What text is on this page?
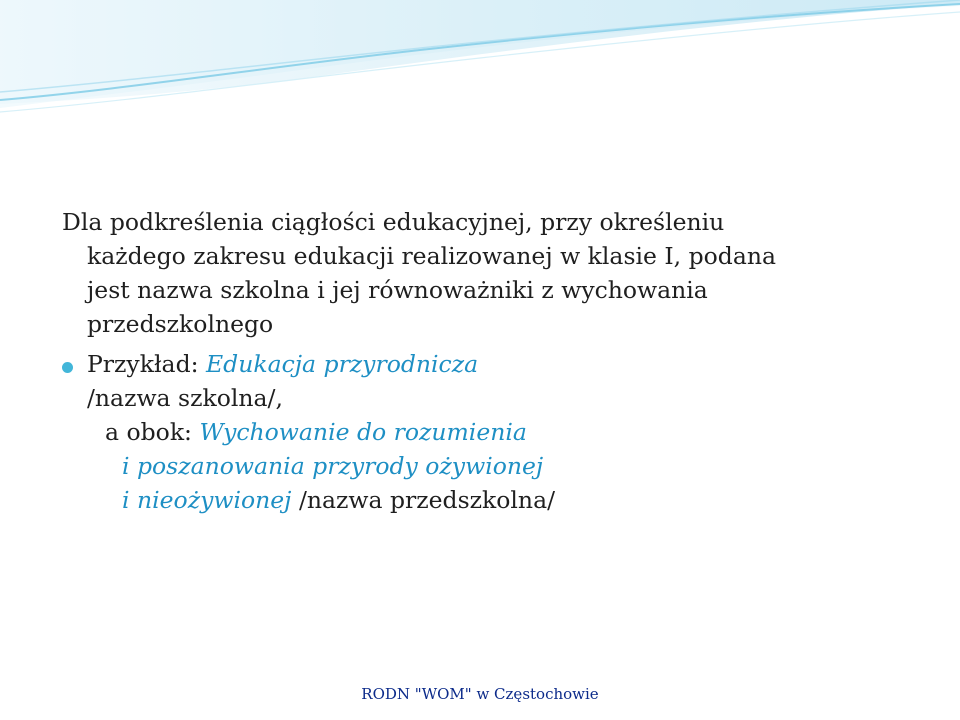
Dla podkreślenia ciągłości edukacyjnej, przy określeniu
każdego zakresu edukacji realizowanej w klasie I, podana
jest nazwa szkolna i jej równoważniki z wychowania
przedszkolnego
Przykład: Edukacja przyrodnicza
/nazwa szkolna/,
a obok: Wychowanie do rozumienia
i poszanowania przyrody ożywionej
i nieożywionej /nazwa przedszkolna/
RODN "WOM" w Częstochowie
